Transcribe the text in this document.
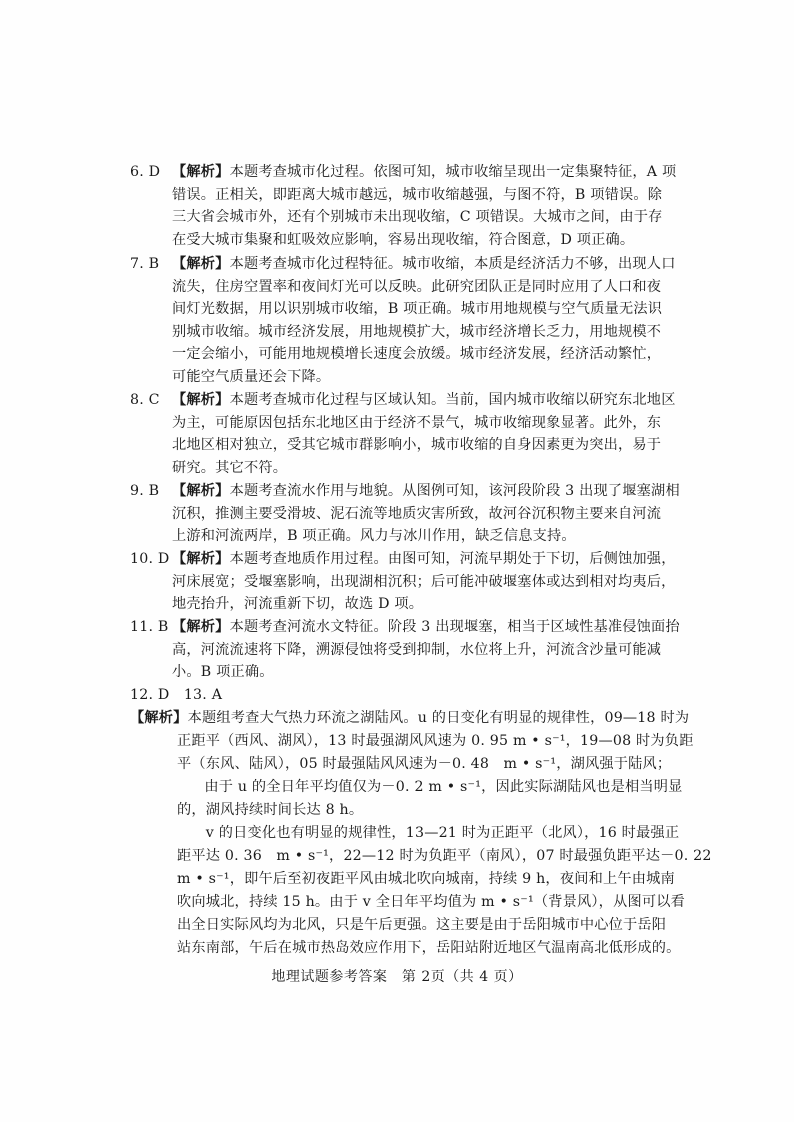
6. D 【解析】本题考查城市化过程。依图可知，城市收缩呈现出一定集聚特征，A 项
错误。正相关，即距离大城市越远，城市收缩越强，与图不符，B 项错误。除
三大省会城市外，还有个别城市未出现收缩，C 项错误。大城市之间，由于存
在受大城市集聚和虹吸效应影响，容易出现收缩，符合图意，D 项正确。
7. B 【解析】本题考查城市化过程特征。城市收缩，本质是经济活力不够，出现人口
流失，住房空置率和夜间灯光可以反映。此研究团队正是同时应用了人口和夜
间灯光数据，用以识别城市收缩，B 项正确。城市用地规模与空气质量无法识
别城市收缩。城市经济发展，用地规模扩大，城市经济增长乏力，用地规模不
一定会缩小，可能用地规模增长速度会放缓。城市经济发展，经济活动繁忙，
可能空气质量还会下降。
8. C 【解析】本题考查城市化过程与区域认知。当前，国内城市收缩以研究东北地区
为主，可能原因包括东北地区由于经济不景气，城市收缩现象显著。此外，东
北地区相对独立，受其它城市群影响小，城市收缩的自身因素更为突出，易于
研究。其它不符。
9. B 【解析】本题考查流水作用与地貌。从图例可知，该河段阶段 3 出现了堰塞湖相
沉积，推测主要受滑坡、泥石流等地质灾害所致，故河谷沉积物主要来自河流
上游和河流两岸，B 项正确。风力与冰川作用，缺乏信息支持。
10. D 【解析】本题考查地质作用过程。由图可知，河流早期处于下切，后侧蚀加强，
河床展宽；受堰塞影响，出现湖相沉积；后可能冲破堰塞体或达到相对均夷后，
地壳抬升，河流重新下切，故选 D 项。
11. B 【解析】本题考查河流水文特征。阶段 3 出现堰塞，相当于区域性基准侵蚀面抬
高，河流流速将下降，溯源侵蚀将受到抑制，水位将上升，河流含沙量可能减
小。B 项正确。
12. D　13. A
【解析】本题组考查大气热力环流之湖陆风。u 的日变化有明显的规律性，09—18 时为
正距平（西风、湖风），13 时最强湖风风速为 0. 95 m • s⁻¹，19—08 时为负距
平（东风、陆风），05 时最强陆风风速为－0. 48　m • s⁻¹，湖风强于陆风；
　由于 u 的全日年平均值仅为－0. 2 m • s⁻¹，因此实际湖陆风也是相当明显
的，湖风持续时间长达 8 h。
　　v 的日变化也有明显的规律性，13—21 时为正距平（北风），16 时最强正
距平达 0. 36　m • s⁻¹，22—12 时为负距平（南风），07 时最强负距平达－0. 22
m • s⁻¹，即午后至初夜距平风由城北吹向城南，持续 9 h，夜间和上午由城南
吹向城北，持续 15 h。由于 v 全日年平均值为 m • s⁻¹（背景风），从图可以看
出全日实际风均为北风，只是午后更强。这主要是由于岳阳城市中心位于岳阳
站东南部，午后在城市热岛效应作用下，岳阳站附近地区气温南高北低形成的。
地理试题参考答案　第 2页（共 4 页）
